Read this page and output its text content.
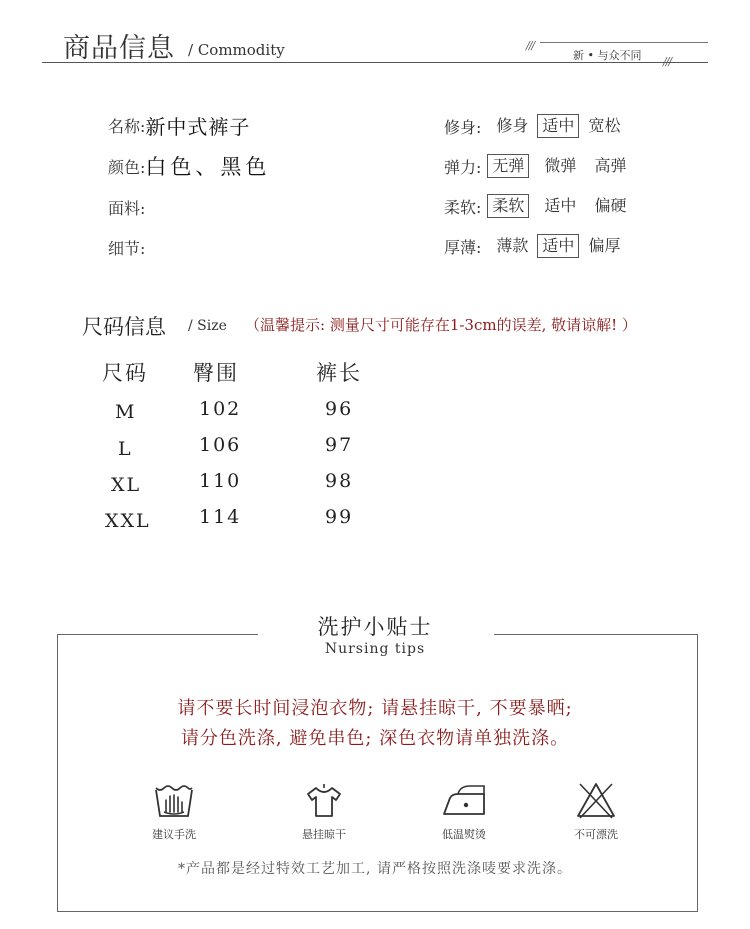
商品信息 / Commodity	///
///
新 • 与众不同
名称: 新中式裤子
颜色: 白色、黑色
面料:
细节:
修身: 修身 适中 宽松
弹力: 无弹	微弹 高弹
柔软: 柔软	适中 偏硬
厚薄: 薄款 适中 偏厚
尺码信息 / Size （温馨提示: 测量尺寸可能存在1-3cm的误差, 敬请谅解! ）
尺码 臀围	裤长
M	102	96
L	106	97
XL	110	98
XXL	114	99
洗护小贴士
Nursing tips
请不要长时间浸泡衣物; 请悬挂晾干, 不要暴晒;
请分色洗涤, 避免串色; 深色衣物请单独洗涤。
建议手洗	悬挂晾干	低温熨烫	不可漂洗
*产品都是经过特效工艺加工, 请严格按照洗涤唛要求洗涤。
